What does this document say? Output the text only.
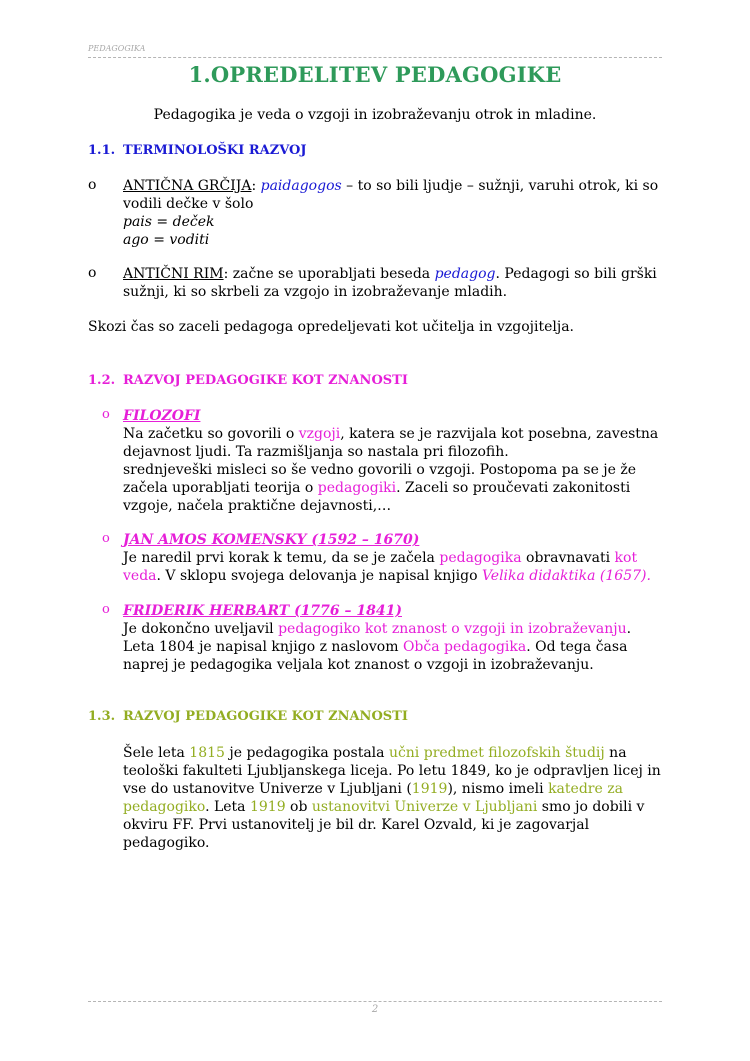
PEDAGOGIKA
1.OPREDELITEV PEDAGOGIKE
Pedagogika je veda o vzgoji in izobraževanju otrok in mladine.
1.1. TERMINOLOŠKI RAZVOJ
o ANTIČNA GRČIJA: paidagogos – to so bili ljudje – sužnji, varuhi otrok, ki so vodili dečke v šolo
pais = deček
ago = voditi
o ANTIČNI RIM: začne se uporabljati beseda pedagog. Pedagogi so bili grški sužnji, ki so skrbeli za vzgojo in izobraževanje mladih.
Skozi čas so zaceli pedagoga opredeljevati kot učitelja in vzgojitelja.
1.2. RAZVOJ PEDAGOGIKE KOT ZNANOSTI
o FILOZOFI
Na začetku so govorili o vzgoji, katera se je razvijala kot posebna, zavestna dejavnost ljudi. Ta razmišljanja so nastala pri filozofih.
srednjeveški misleci so še vedno govorili o vzgoji. Postopoma pa se je že začela uporabljati teorija o pedagogiki. Zaceli so proučevati zakonitosti vzgoje, načela praktične dejavnosti,…
o JAN AMOS KOMENSKY (1592 – 1670)
Je naredil prvi korak k temu, da se je začela pedagogika obravnavati kot veda. V sklopu svojega delovanja je napisal knjigo Velika didaktika (1657).
o FRIDERIK HERBART (1776 – 1841)
Je dokončno uveljavil pedagogiko kot znanost o vzgoji in izobraževanju. Leta 1804 je napisal knjigo z naslovom Obča pedagogika. Od tega časa naprej je pedagogika veljala kot znanost o vzgoji in izobraževanju.
1.3. RAZVOJ PEDAGOGIKE KOT ZNANOSTI
Šele leta 1815 je pedagogika postala učni predmet filozofskih študij na teološki fakulteti Ljubljanskega liceja. Po letu 1849, ko je odpravljen licej in vse do ustanovitve Univerze v Ljubljani (1919), nismo imeli katedre za pedagogiko. Leta 1919 ob ustanovitvi Univerze v Ljubljani smo jo dobili v okviru FF. Prvi ustanovitelj je bil dr. Karel Ozvald, ki je zagovarjal pedagogiko.
2
